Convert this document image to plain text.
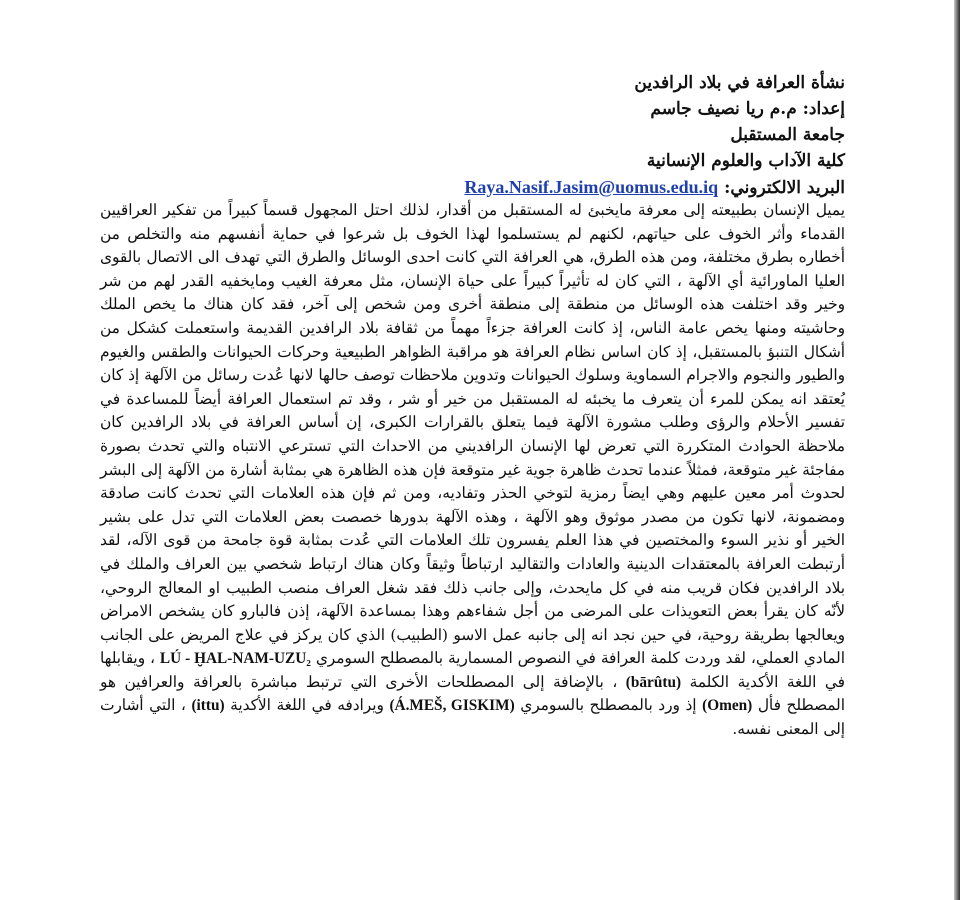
نشأة العرافة في بلاد الرافدين

إعداد: م.م ريا نصيف جاسم

جامعة المستقبل

كلية الآداب والعلوم الإنسانية

البريد الالكتروني: Raya.Nasif.Jasim@uomus.edu.iq
يميل الإنسان بطبيعته إلى معرفة مايخبئ له المستقبل من أقدار، لذلك احتل المجهول قسماً كبيراً من تفكير العراقيين القدماء وأثر الخوف على حياتهم، لكنهم لم يستسلموا لهذا الخوف بل شرعوا في حماية أنفسهم منه والتخلص من أخطاره بطرق مختلفة، ومن هذه الطرق، هي العرافة التي كانت احدى الوسائل والطرق التي تهدف الى الاتصال بالقوى العليا الماورائية أي الآلهة ، التي كان له تأثيراً كبيراً على حياة الإنسان، مثل معرفة الغيب ومايخفيه القدر لهم من شر وخير وقد اختلفت هذه الوسائل من منطقة إلى منطقة أخرى ومن شخص إلى آخر، فقد كان هناك ما يخص الملك وحاشيته ومنها يخص عامة الناس، إذ كانت العرافة جزءاً مهماً من ثقافة بلاد الرافدين القديمة واستعملت كشكل من أشكال التنبؤ بالمستقبل، إذ كان اساس نظام العرافة هو مراقبة الظواهر الطبيعية وحركات الحيوانات والطقس والغيوم والطيور والنجوم والاجرام السماوية وسلوك الحيوانات وتدوين ملاحظات توصف حالها لانها عُدت رسائل من الآلهة إذ كان يُعتقد انه يمكن للمرء أن يتعرف ما يخبئه له المستقبل من خير أو شر ، وقد تم استعمال العرافة أيضاً للمساعدة في تفسير الأحلام والرؤى وطلب مشورة الآلهة فيما يتعلق بالقرارات الكبرى، إن أساس العرافة في بلاد الرافدين كان ملاحظة الحوادث المتكررة التي تعرض لها الإنسان الرافديني من الاحداث التي تسترعي الانتباه والتي تحدث بصورة مفاجئة غير متوقعة، فمثلاً عندما تحدث ظاهرة جوية غير متوقعة فإن هذه الظاهرة هي بمثابة أشارة من الآلهة إلى البشر لحدوث أمر معين عليهم وهي ايضاً رمزية لتوخي الحذر وتفاديه، ومن ثم فإن هذه العلامات التي تحدث كانت صادقة ومضمونة، لانها تكون من مصدر موثوق وهو الآلهة ، وهذه الآلهة بدورها خصصت بعض العلامات التي تدل على بشير الخير أو نذير السوء والمختصين في هذا العلم يفسرون تلك العلامات التي عُدت بمثابة قوة جامحة من قوى الآله، لقد أرتبطت العرافة بالمعتقدات الدينية والعادات والتقاليد ارتباطاً وثيقاً وكان هناك ارتباط شخصي بين العراف والملك في بلاد الرافدين فكان قريب منه في كل مايحدث، وإلى جانب ذلك فقد شغل العراف منصب الطبيب او المعالج الروحي، لأنّه كان يقرأ بعض التعويذات على المرضى من أجل شفاءهم وهذا بمساعدة الآلهة، إذن فالبارو كان يشخص الامراض ويعالجها بطريقة روحية، في حين نجد انه إلى جانبه عمل الاسو (الطبيب) الذي كان يركز في علاج المريض على الجانب المادي العملي، لقد وردت كلمة العرافة في النصوص المسمارية بالمصطلح السومري LÚ - ḪAL-NAM-UZU₂ ، ويقابلها في اللغة الأكدية الكلمة (bārûtu) ، بالإضافة إلى المصطلحات الأخرى التي ترتبط مباشرة بالعرافة والعرافين هو المصطلح فأل (Omen) إذ ورد بالمصطلح بالسومري (Á.MEŠ, GISKIM) ويرادفه في اللغة الأكدية (ittu) ، التي أشارت إلى المعنى نفسه.
